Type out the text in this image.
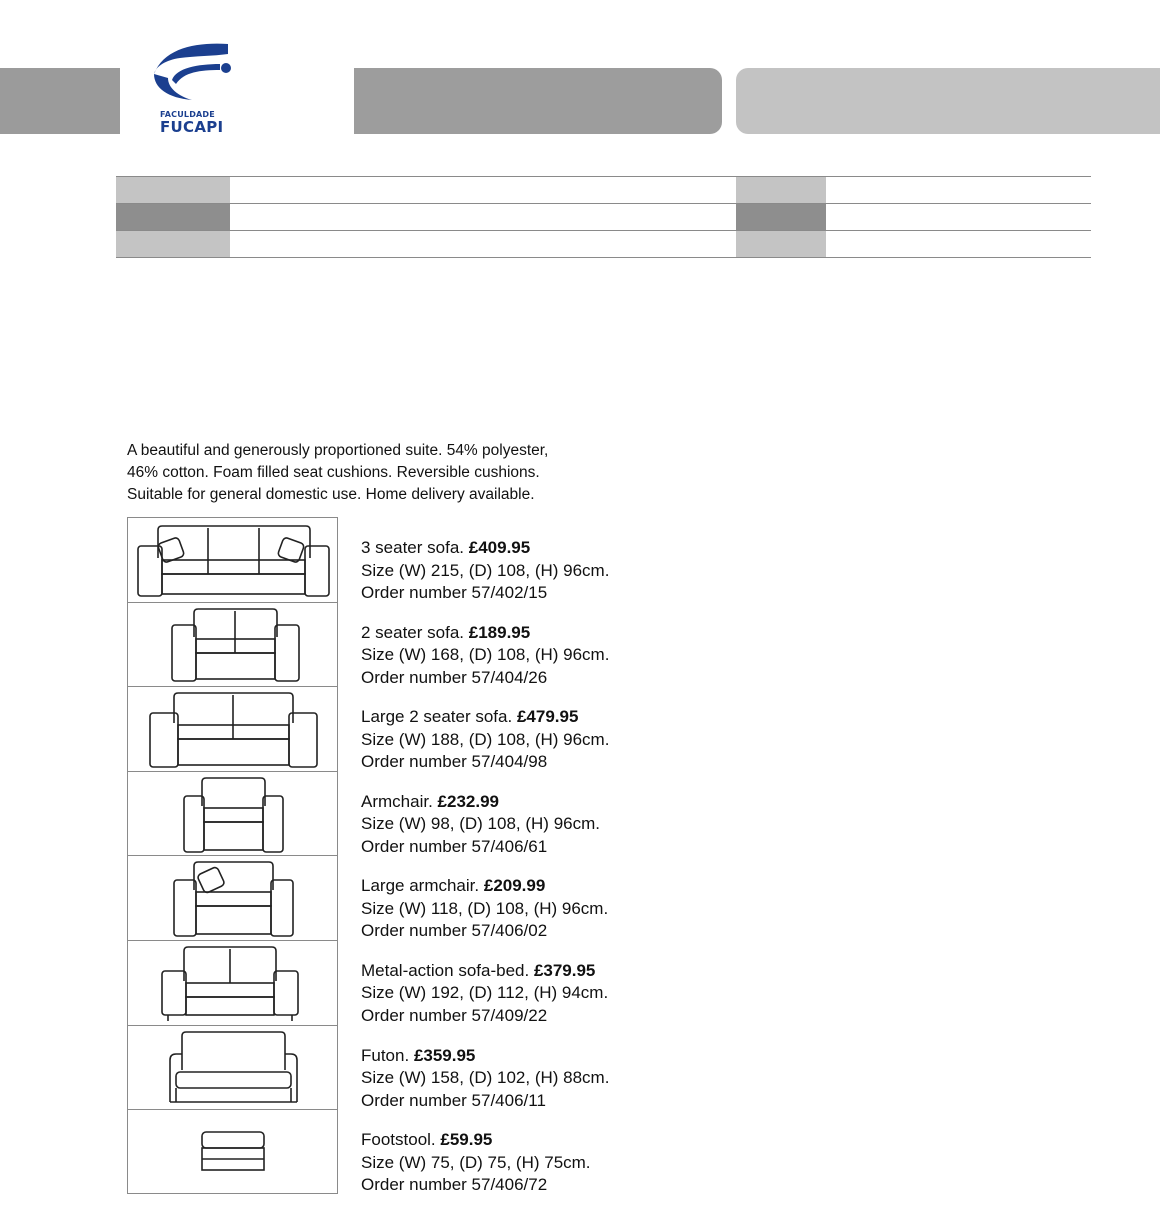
FACULDADE
FUCAPI

A beautiful and generously proportioned suite. 54% polyester,

46% cotton. Foam filled seat cushions. Reversible cushions.

Suitable for general domestic use. Home delivery available.

3 seater sofa. £409.95
Size (W) 215, (D) 108, (H) 96cm.
Order number 57/402/15
2 seater sofa. £189.95
Size (W) 168, (D) 108, (H) 96cm.
Order number 57/404/26
Large 2 seater sofa. £479.95
Size (W) 188, (D) 108, (H) 96cm.
Order number 57/404/98
Armchair. £232.99
Size (W) 98, (D) 108, (H) 96cm.
Order number 57/406/61
Large armchair. £209.99
Size (W) 118, (D) 108, (H) 96cm.
Order number 57/406/02
Metal-action sofa-bed. £379.95
Size (W) 192, (D) 112, (H) 94cm.
Order number 57/409/22
Futon. £359.95
Size (W) 158, (D) 102, (H) 88cm.
Order number 57/406/11
Footstool. £59.95
Size (W) 75, (D) 75, (H) 75cm.
Order number 57/406/72
